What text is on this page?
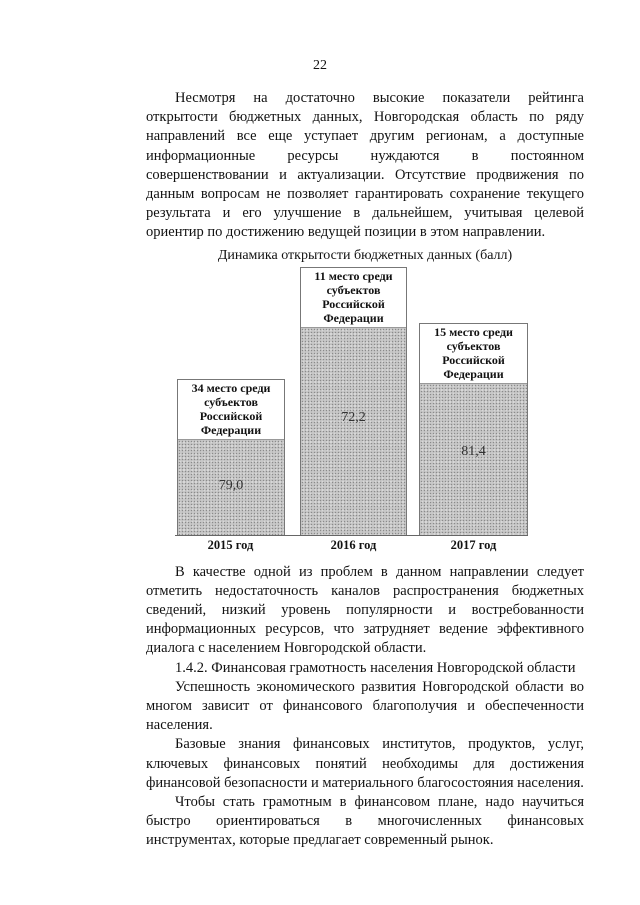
22

Несмотря на достаточно высокие показатели рейтинга открытости бюджетных данных, Новгородская область по ряду направлений все еще уступает другим регионам, а доступные информационные ресурсы нуждаются в постоянном совершенствовании и актуализации. Отсутствие продвижения по данным вопросам не позволяет гарантировать сохранение текущего результата и его улучшение в дальнейшем, учитывая целевой ориентир по достижению ведущей позиции в этом направлении.

Динамика открытости бюджетных данных (балл)
34 место среди субъектов Российской Федерации
79,0
11 место среди субъектов Российской Федерации
72,2
15 место среди субъектов Российской Федерации
81,4
2015 год	2016 год	2017 год

В качестве одной из проблем в данном направлении следует отметить недостаточность каналов распространения бюджетных сведений, низкий уровень популярности и востребованности информационных ресурсов, что затрудняет ведение эффективного диалога с населением Новгородской области.

1.4.2. Финансовая грамотность населения Новгородской области

Успешность экономического развития Новгородской области во многом зависит от финансового благополучия и обеспеченности населения.

Базовые знания финансовых институтов, продуктов, услуг, ключевых финансовых понятий необходимы для достижения финансовой безопасности и материального благосостояния населения.

Чтобы стать грамотным в финансовом плане, надо научиться быстро ориентироваться в многочисленных финансовых инструментах, которые предлагает современный рынок.
